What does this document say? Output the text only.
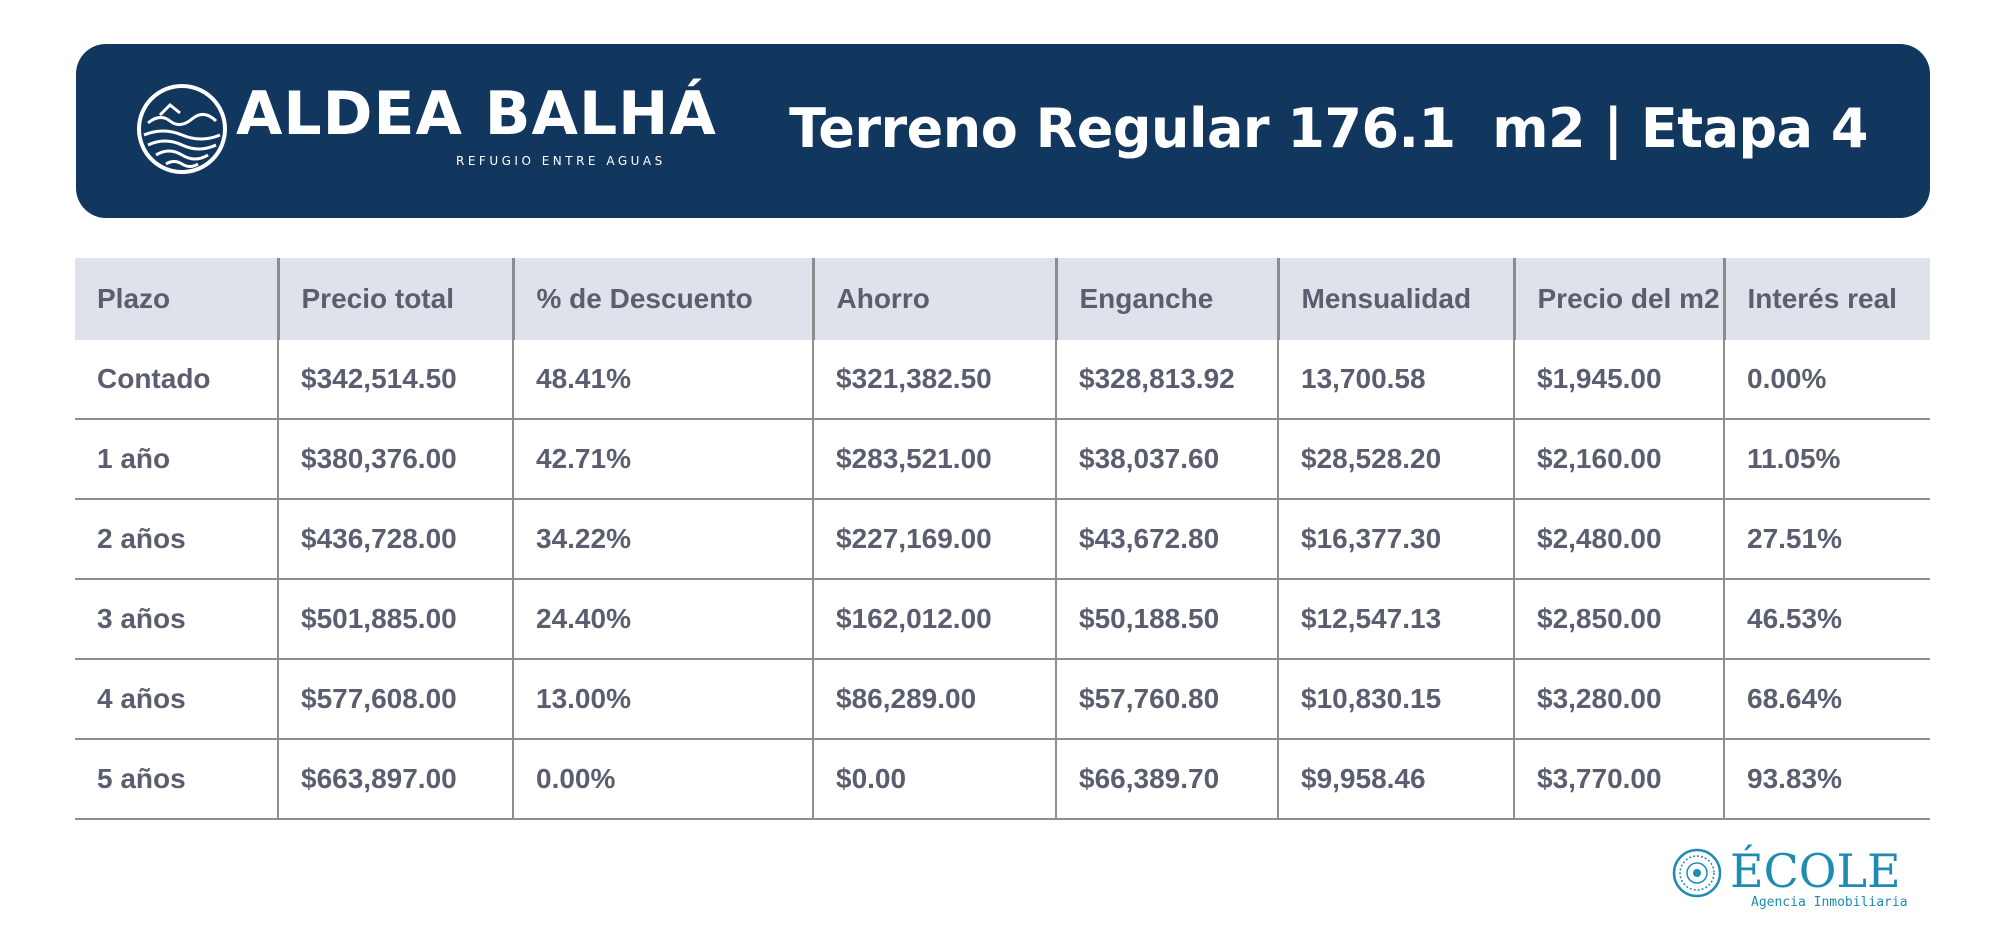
ALDEA BALHÁ
REFUGIO ENTRE AGUAS
Terreno Regular 176.1  m2 | Etapa 4
Plazo	Precio total	% de Descuento	Ahorro	Enganche	Mensualidad	Precio del m2	Interés real
Contado	$342,514.50	48.41%	$321,382.50	$328,813.92	13,700.58	$1,945.00	0.00%
1 año	$380,376.00	42.71%	$283,521.00	$38,037.60	$28,528.20	$2,160.00	11.05%
2 años	$436,728.00	34.22%	$227,169.00	$43,672.80	$16,377.30	$2,480.00	27.51%
3 años	$501,885.00	24.40%	$162,012.00	$50,188.50	$12,547.13	$2,850.00	46.53%
4 años	$577,608.00	13.00%	$86,289.00	$57,760.80	$10,830.15	$3,280.00	68.64%
5 años	$663,897.00	0.00%	$0.00	$66,389.70	$9,958.46	$3,770.00	93.83%
ÉCOLE
Agencia Inmobiliaria
